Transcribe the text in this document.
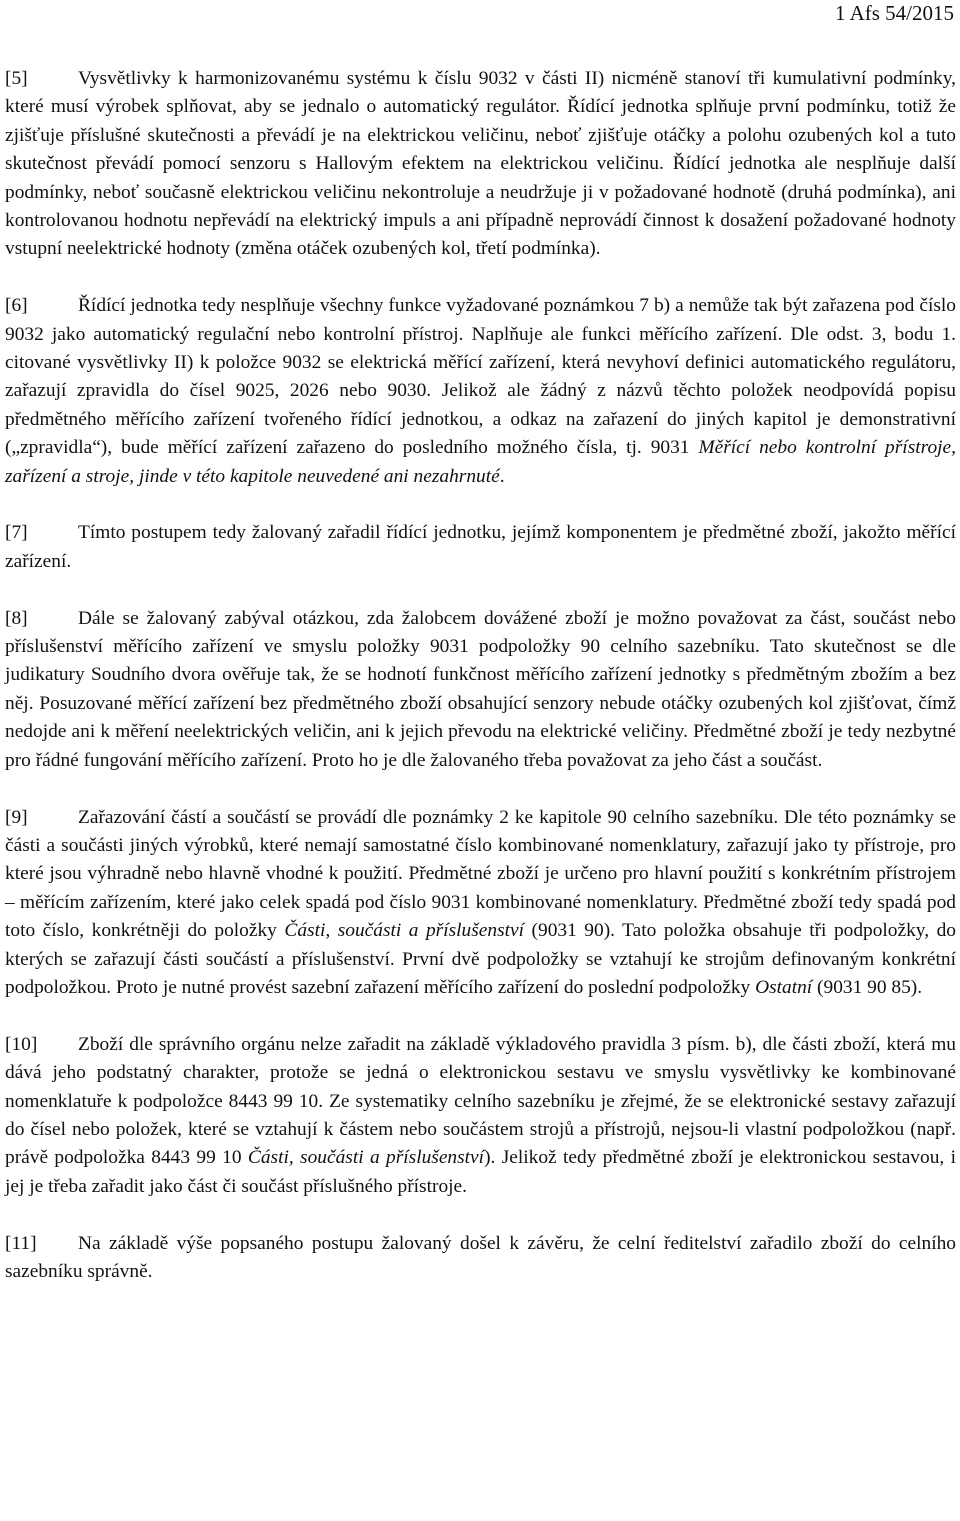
1 Afs 54/2015

[5]	Vysvětlivky k harmonizovanému systému k číslu 9032 v části II) nicméně stanoví tři kumulativní podmínky, které musí výrobek splňovat, aby se jednalo o automatický regulátor. Řídící jednotka splňuje první podmínku, totiž že zjišťuje příslušné skutečnosti a převádí je na elektrickou veličinu, neboť zjišťuje otáčky a polohu ozubených kol a tuto skutečnost převádí pomocí senzoru s Hallovým efektem na elektrickou veličinu. Řídící jednotka ale nesplňuje další podmínky, neboť současně elektrickou veličinu nekontroluje a neudržuje ji v požadované hodnotě (druhá podmínka), ani kontrolovanou hodnotu nepřevádí na elektrický impuls a ani případně neprovádí činnost k dosažení požadované hodnoty vstupní neelektrické hodnoty (změna otáček ozubených kol, třetí podmínka).

[6]	Řídící jednotka tedy nesplňuje všechny funkce vyžadované poznámkou 7 b) a nemůže tak být zařazena pod číslo 9032 jako automatický regulační nebo kontrolní přístroj. Naplňuje ale funkci měřícího zařízení. Dle odst. 3, bodu 1. citované vysvětlivky II) k položce 9032 se elektrická měřící zařízení, která nevyhoví definici automatického regulátoru, zařazují zpravidla do čísel 9025, 2026 nebo 9030. Jelikož ale žádný z názvů těchto položek neodpovídá popisu předmětného měřícího zařízení tvořeného řídící jednotkou, a odkaz na zařazení do jiných kapitol je demonstrativní („zpravidla“), bude měřící zařízení zařazeno do posledního možného čísla, tj. 9031 Měřící nebo kontrolní přístroje, zařízení a stroje, jinde v této kapitole neuvedené ani nezahrnuté.

[7]	Tímto postupem tedy žalovaný zařadil řídící jednotku, jejímž komponentem je předmětné zboží, jakožto měřící zařízení.

[8]	Dále se žalovaný zabýval otázkou, zda žalobcem dovážené zboží je možno považovat za část, součást nebo příslušenství měřícího zařízení ve smyslu položky 9031 podpoložky 90 celního sazebníku. Tato skutečnost se dle judikatury Soudního dvora ověřuje tak, že se hodnotí funkčnost měřícího zařízení jednotky s předmětným zbožím a bez něj. Posuzované měřící zařízení bez předmětného zboží obsahující senzory nebude otáčky ozubených kol zjišťovat, čímž nedojde ani k měření neelektrických veličin, ani k jejich převodu na elektrické veličiny. Předmětné zboží je tedy nezbytné pro řádné fungování měřícího zařízení. Proto ho je dle žalovaného třeba považovat za jeho část a součást.

[9]	Zařazování částí a součástí se provádí dle poznámky 2 ke kapitole 90 celního sazebníku. Dle této poznámky se části a součásti jiných výrobků, které nemají samostatné číslo kombinované nomenklatury, zařazují jako ty přístroje, pro které jsou výhradně nebo hlavně vhodné k použití. Předmětné zboží je určeno pro hlavní použití s konkrétním přístrojem – měřícím zařízením, které jako celek spadá pod číslo 9031 kombinované nomenklatury. Předmětné zboží tedy spadá pod toto číslo, konkrétněji do položky Části, součásti a příslušenství (9031 90). Tato položka obsahuje tři podpoložky, do kterých se zařazují části součástí a příslušenství. První dvě podpoložky se vztahují ke strojům definovaným konkrétní podpoložkou. Proto je nutné provést sazební zařazení měřícího zařízení do poslední podpoložky Ostatní (9031 90 85).

[10] Zboží dle správního orgánu nelze zařadit na základě výkladového pravidla 3 písm. b), dle části zboží, která mu dává jeho podstatný charakter, protože se jedná o elektronickou sestavu ve smyslu vysvětlivky ke kombinované nomenklatuře k podpoložce 8443 99 10. Ze systematiky celního sazebníku je zřejmé, že se elektronické sestavy zařazují do čísel nebo položek, které se vztahují k částem nebo součástem strojů a přístrojů, nejsou-li vlastní podpoložkou (např. právě podpoložka 8443 99 10 Části, součásti a příslušenství). Jelikož tedy předmětné zboží je elektronickou sestavou, i jej je třeba zařadit jako část či součást příslušného přístroje.

[11] Na základě výše popsaného postupu žalovaný došel k závěru, že celní ředitelství zařadilo zboží do celního sazebníku správně.
